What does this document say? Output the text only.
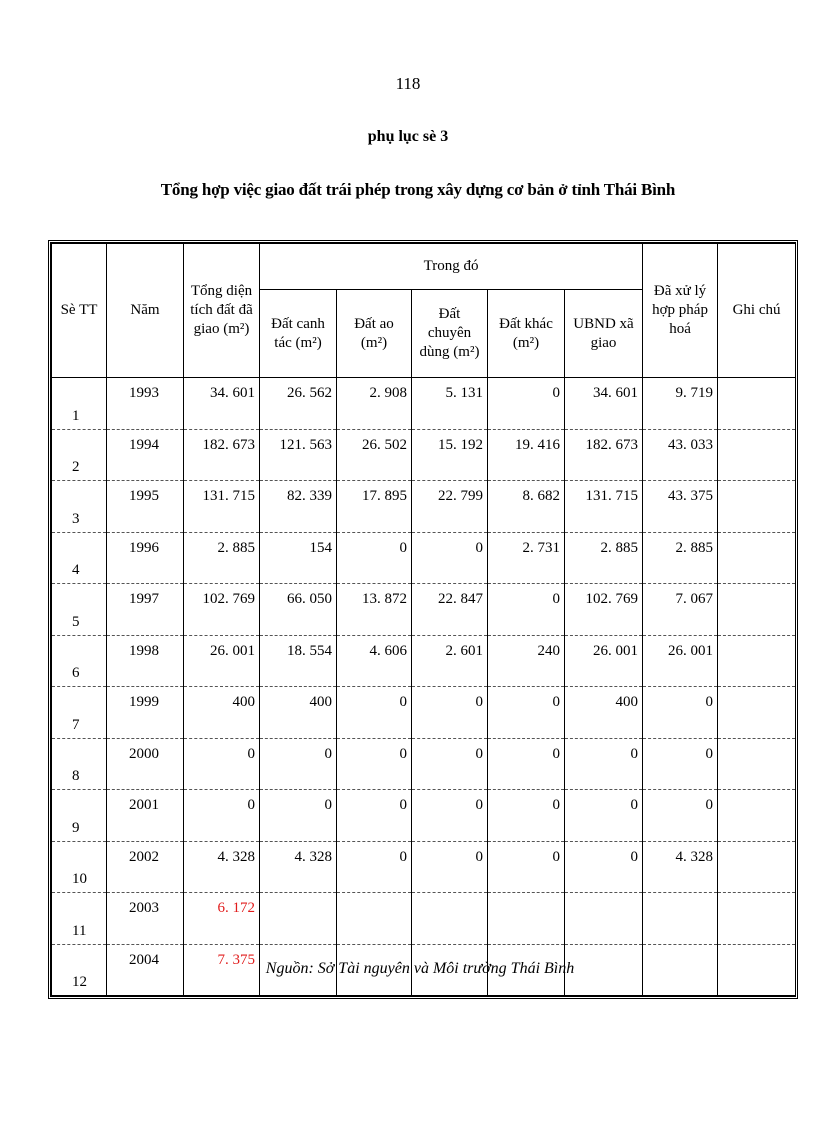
118
phụ lục sè 3
Tổng hợp việc giao đất trái phép trong xây dựng cơ bản ở tỉnh Thái Bình
Sè TT	Năm	Tổng diện tích đất đã giao (m²)	Trong đó					Đã xử lý hợp pháp hoá	Ghi chú
			Đất canh tác (m²)	Đất ao (m²)	Đất chuyên dùng (m²)	Đất khác (m²)	UBND xã giao		
1	1993	34. 601	26. 562	2. 908	5. 131	0	34. 601	9. 719	
2	1994	182. 673	121. 563	26. 502	15. 192	19. 416	182. 673	43. 033	
3	1995	131. 715	82. 339	17. 895	22. 799	8. 682	131. 715	43. 375	
4	1996	2. 885	154	0	0	2. 731	2. 885	2. 885	
5	1997	102. 769	66. 050	13. 872	22. 847	0	102. 769	7. 067	
6	1998	26. 001	18. 554	4. 606	2. 601	240	26. 001	26. 001	
7	1999	400	400	0	0	0	400	0	
8	2000	0	0	0	0	0	0	0	
9	2001	0	0	0	0	0	0	0	
10	2002	4. 328	4. 328	0	0	0	0	4. 328	
11	2003	6. 172							
12	2004	7. 375							
Nguồn: Sở Tài nguyên và Môi trường Thái Bình
